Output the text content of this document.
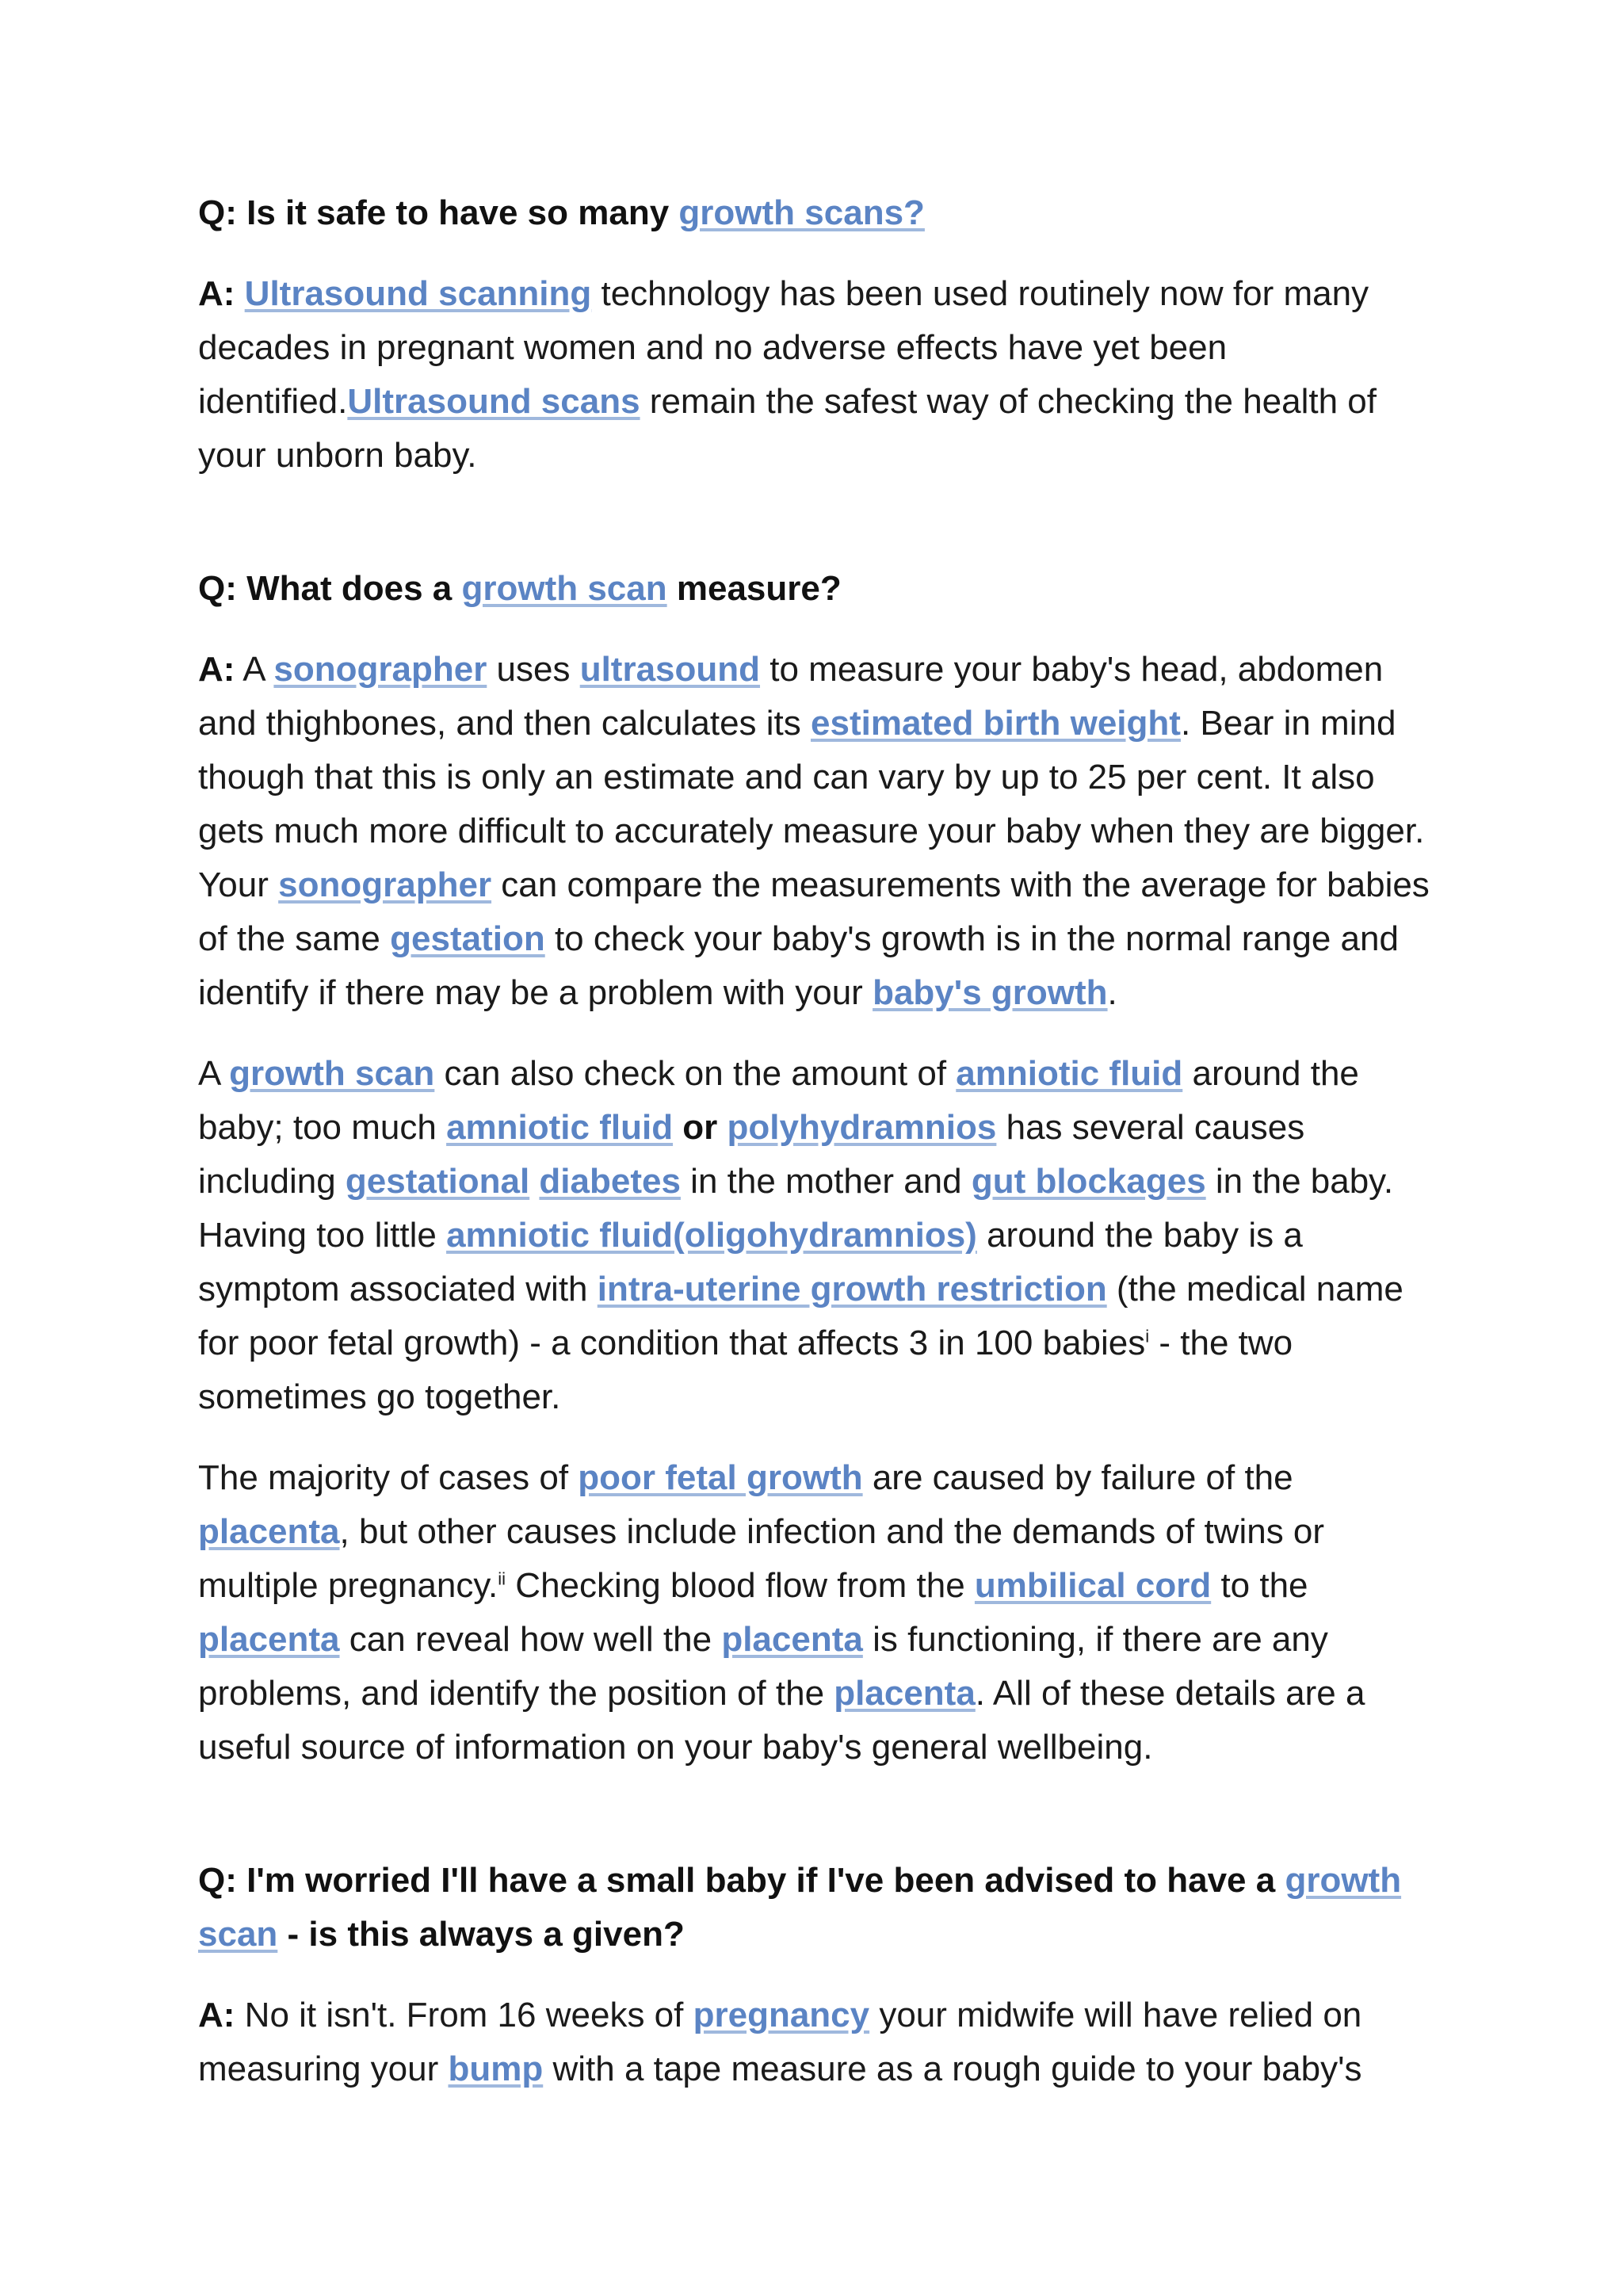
Q: Is it safe to have so many growth scans?

A: Ultrasound scanning technology has been used routinely now for many decades in pregnant women and no adverse effects have yet been identified.Ultrasound scans remain the safest way of checking the health of your unborn baby.

Q: What does a growth scan measure?

A: A sonographer uses ultrasound to measure your baby's head, abdomen and thighbones, and then calculates its estimated birth weight. Bear in mind though that this is only an estimate and can vary by up to 25 per cent. It also gets much more difficult to accurately measure your baby when they are bigger. Your sonographer can compare the measurements with the average for babies of the same gestation to check your baby's growth is in the normal range and identify if there may be a problem with your baby's growth.

A growth scan can also check on the amount of amniotic fluid around the baby; too much amniotic fluid or polyhydramnios has several causes including gestational diabetes in the mother and gut blockages in the baby. Having too little amniotic fluid(oligohydramnios) around the baby is a symptom associated with intra-uterine growth restriction (the medical name for poor fetal growth) - a condition that affects 3 in 100 babies$^i$ - the two sometimes go together.

The majority of cases of poor fetal growth are caused by failure of the placenta, but other causes include infection and the demands of twins or multiple pregnancy.$^{ii}$ Checking blood flow from the umbilical cord to the placenta can reveal how well the placenta is functioning, if there are any problems, and identify the position of the placenta. All of these details are a useful source of information on your baby's general wellbeing.

Q: I'm worried I'll have a small baby if I've been advised to have a growth scan - is this always a given?

A: No it isn't. From 16 weeks of pregnancy your midwife will have relied on measuring your bump with a tape measure as a rough guide to your baby's
